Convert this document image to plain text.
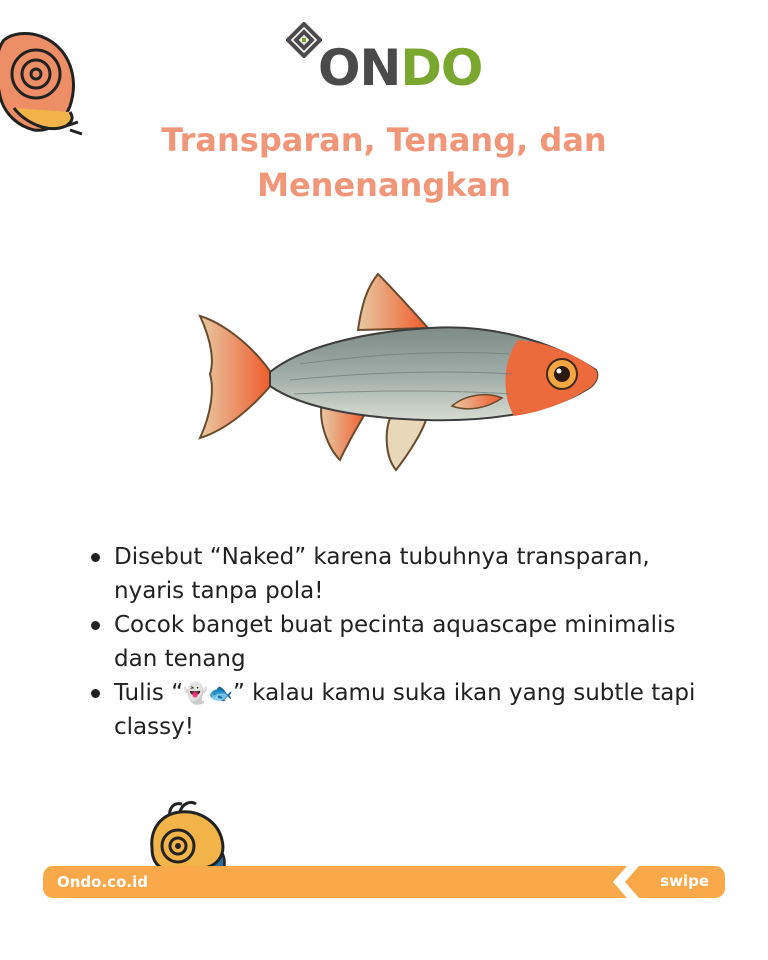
ONDO
Transparan, Tenang, dan
Menenangkan
Disebut “Naked” karena tubuhnya transparan, nyaris tanpa pola!
Cocok banget buat pecinta aquascape minimalis dan tenang
Tulis “👻🐟” kalau kamu suka ikan yang subtle tapi classy!
Ondo.co.id	swipe
